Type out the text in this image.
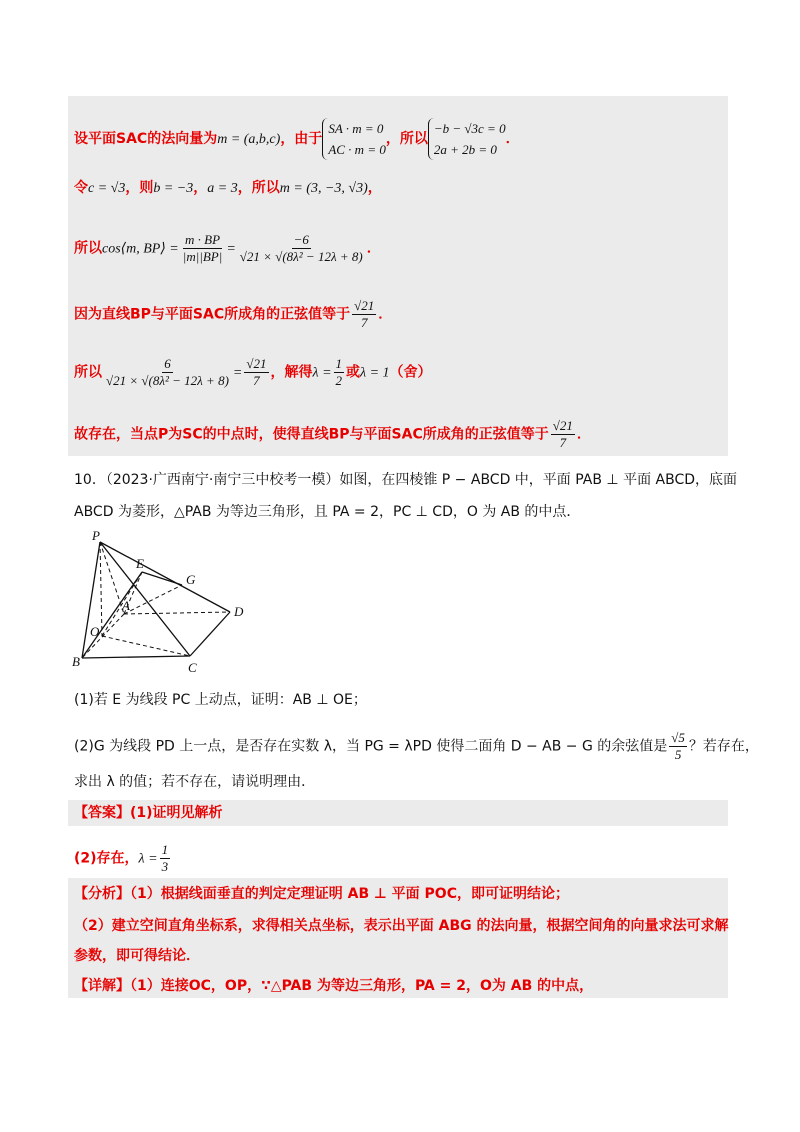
设平面SAC的法向量为m = (a,b,c)，由于
SA · m = 0
AC · m = 0
，所以
−b − √3c = 0
2a + 2b = 0
．
令c = √3，则b = −3，a = 3，所以m = (3, −3, √3)，
所以cos⟨m, BP⟩ = $\frac{m \cdot BP}{|m||BP|} = \frac{-6}{\text{√21 × √(8λ² − 12λ + 8)}}$ ．
因为直线BP与平面SAC所成角的正弦值等于 $\frac{√21}{7}$ ．
所以 $\frac{6}{\text{√21 × √(8λ² − 12λ + 8)}} = \frac{√21}{7}$ ，解得$\lambda = \frac{1}{2}$ 或λ = 1（舍）
故存在，当点P为SC的中点时，使得直线BP与平面SAC所成角的正弦值等于 $\frac{√21}{7}$ ．
10．（2023·广西南宁·南宁三中校考一模）如图，在四棱锥 P − ABCD 中，平面 PAB ⊥ 平面 ABCD，底面
ABCD 为菱形，△PAB 为等边三角形，且 PA = 2，PC ⊥ CD，O 为 AB 的中点．
P
E
G
D
A
O
B	C
(1)若 E 为线段 PC 上动点，证明：AB ⊥ OE；
(2)G 为线段 PD 上一点，是否存在实数 λ，当 PG = λPD 使得二面角 D − AB − G 的余弦值是 $\frac{√5}{5}$ ？若存在，
求出 λ 的值；若不存在，请说明理由．
【答案】(1)证明见解析
(2)存在，$\lambda = \frac{1}{3}$
【分析】（1）根据线面垂直的判定定理证明 AB ⊥ 平面 POC，即可证明结论；
（2）建立空间直角坐标系，求得相关点坐标，表示出平面 ABG 的法向量，根据空间角的向量求法可求解
参数，即可得结论．
【详解】（1）连接OC，OP，∵△PAB 为等边三角形，PA = 2，O为 AB 的中点，
